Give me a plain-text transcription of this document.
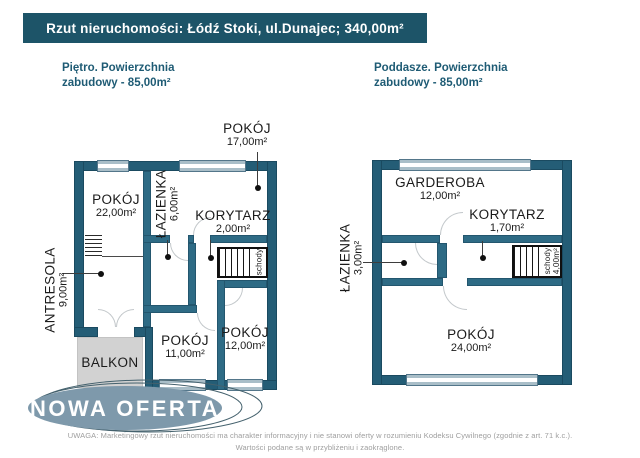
Rzut nieruchomości: Łódź Stoki, ul.Dunajec; 340,00m²
Piętro. Powierzchnia
zabudowy - 85,00m²
Poddasze. Powierzchnia
zabudowy - 85,00m²
POKÓJ
17,00m²
POKÓJ
22,00m² ŁAZIENKA 6,00m² KORYTARZ
2,00m²
schody
ANTRESOLA 9,00m²
POKÓJ
11,00m²
POKÓJ
12,00m²
BALKON
GARDEROBA
12,00m²
KORYTARZ
1,70m²
ŁAZIENKA 3,00m²	schody 4,00m²
POKÓJ
24,00m²
NOWA OFERTA
UWAGA: Marketingowy rzut nieruchomości ma charakter informacyjny i nie stanowi oferty w rozumieniu Kodeksu Cywilnego (zgodnie z art. 71 k.c.).
Wartości podane są w przybliżeniu i zaokrąglone.
